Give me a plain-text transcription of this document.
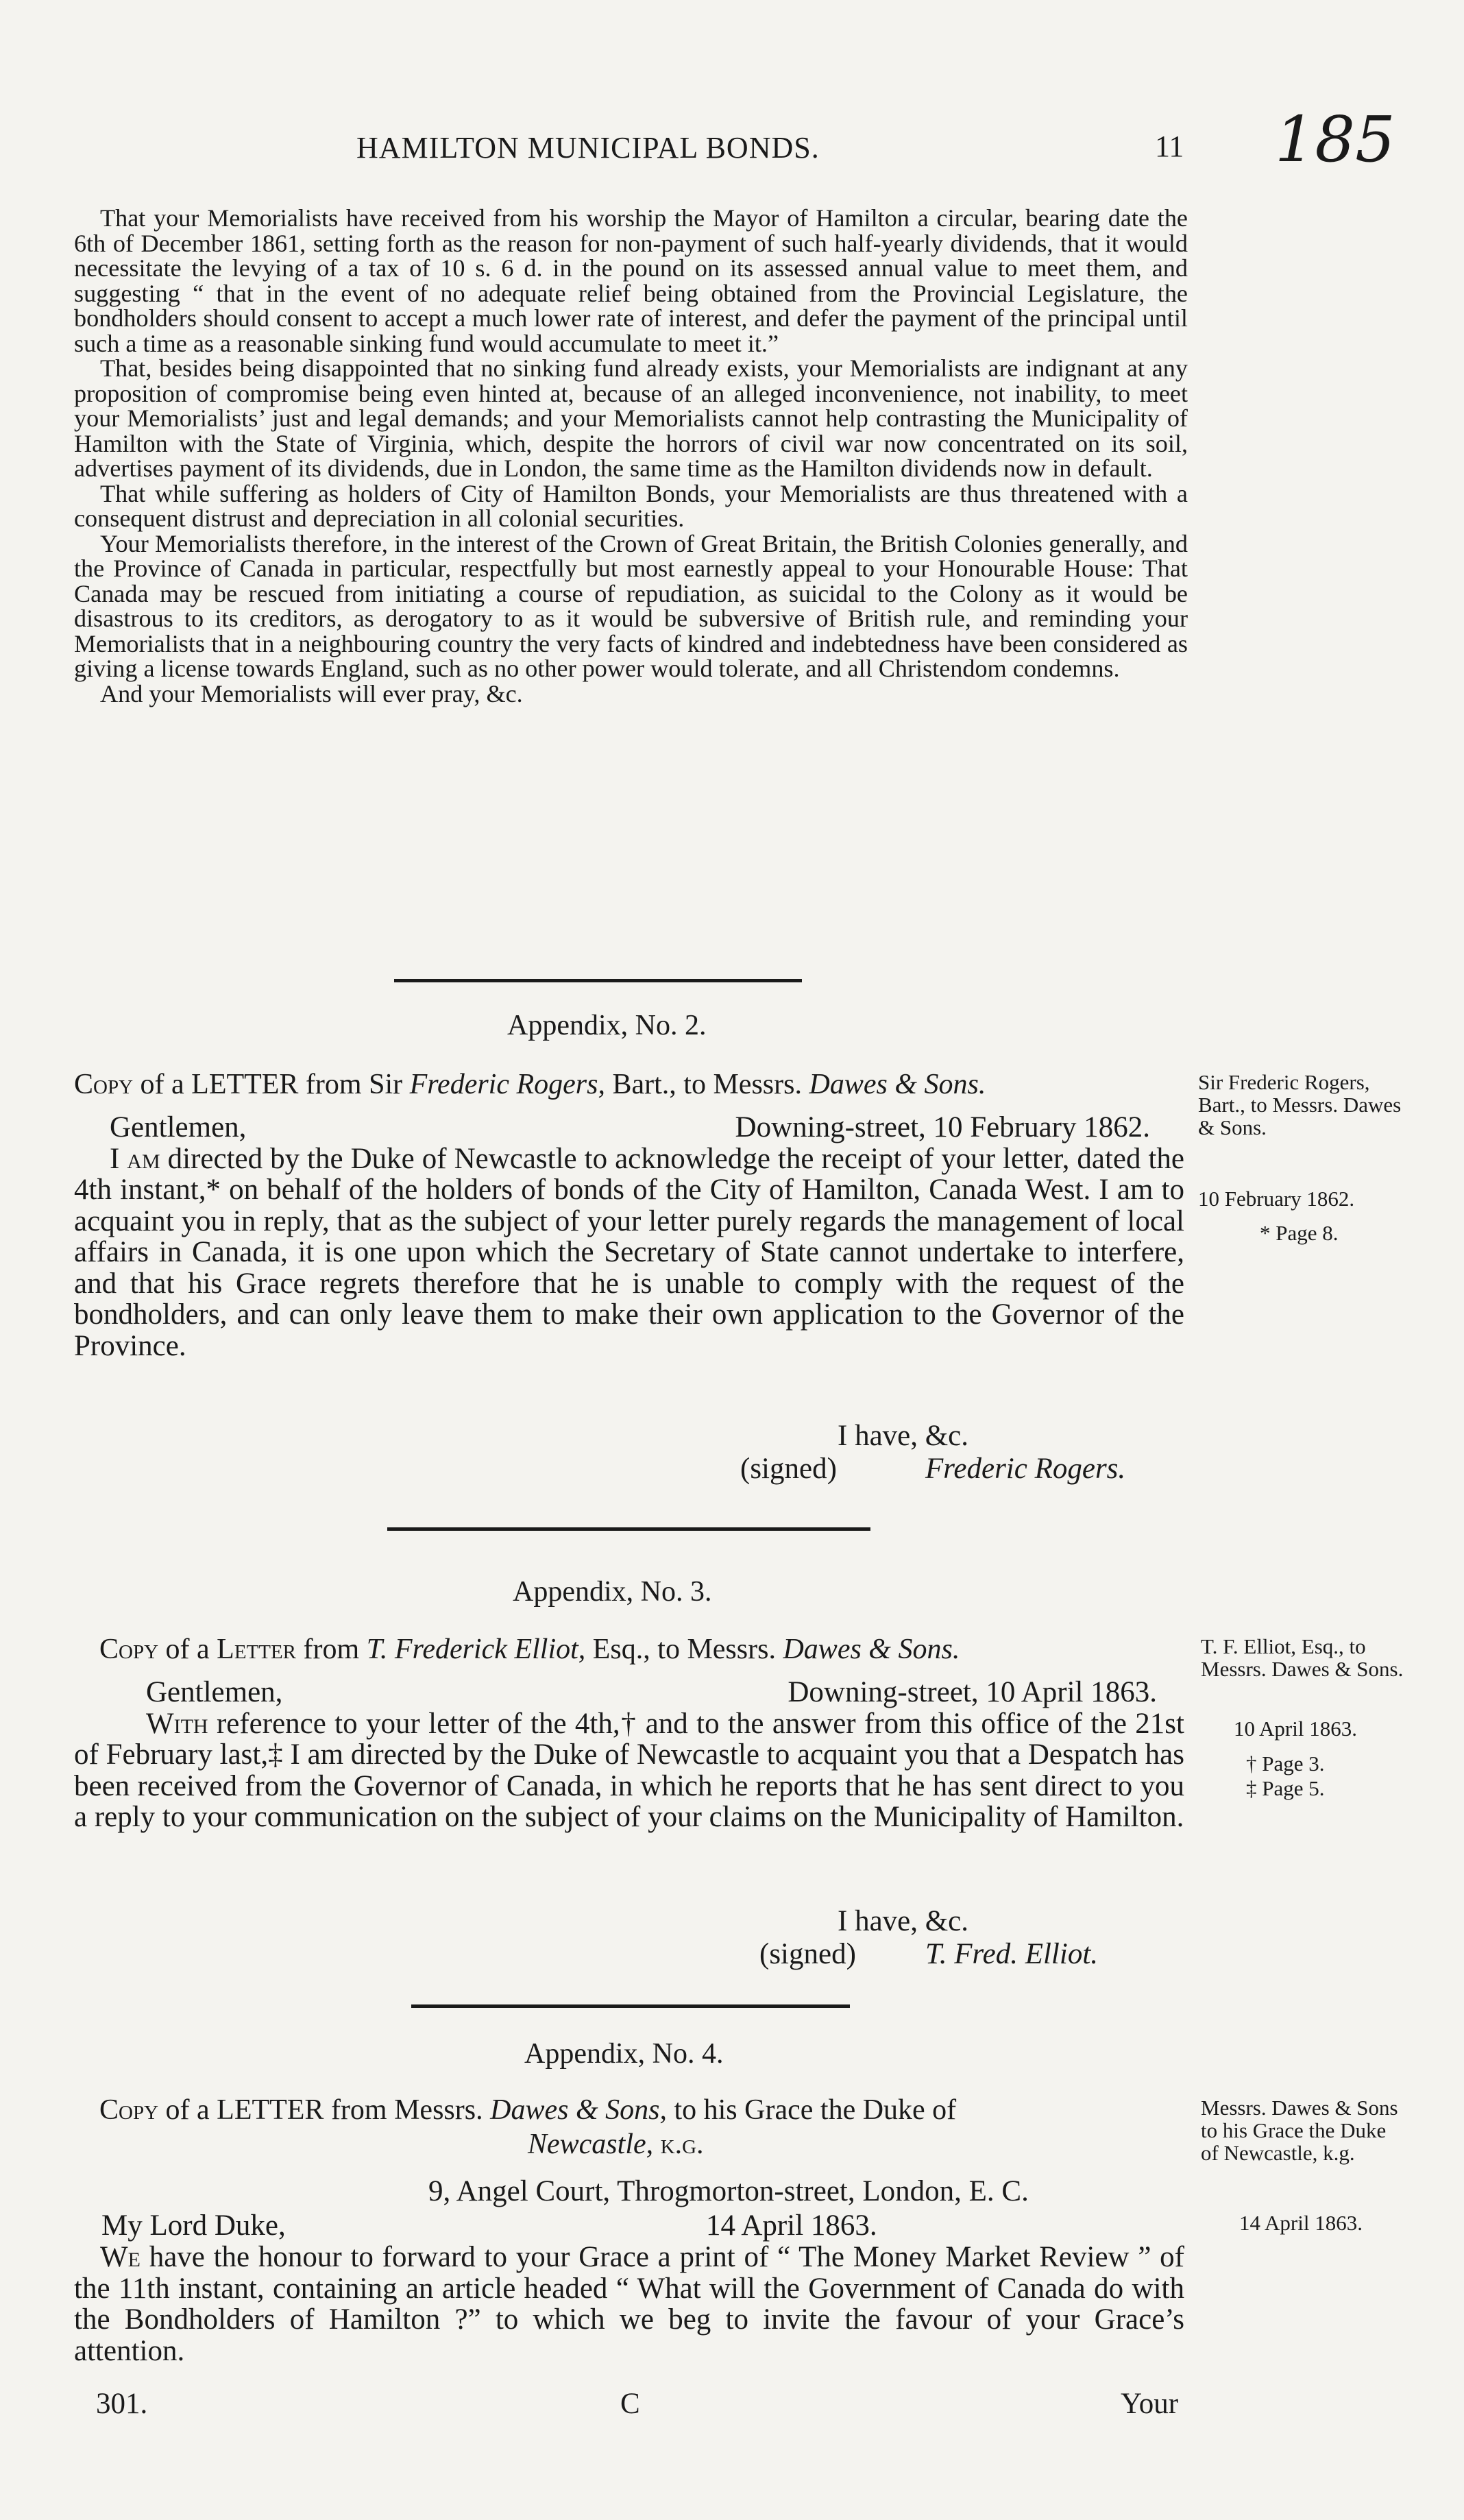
HAMILTON MUNICIPAL BONDS.	11 185

That your Memorialists have received from his worship the Mayor of Hamilton a circular, bearing date the 6th of December 1861, setting forth as the reason for non-payment of such half-yearly dividends, that it would necessitate the levying of a tax of 10 s. 6 d. in the pound on its assessed annual value to meet them, and suggesting “ that in the event of no adequate relief being obtained from the Provincial Legislature, the bondholders should consent to accept a much lower rate of interest, and defer the payment of the principal until such a time as a reasonable sinking fund would accumulate to meet it.”

That, besides being disappointed that no sinking fund already exists, your Memorialists are indignant at any proposition of compromise being even hinted at, because of an alleged inconvenience, not inability, to meet your Memorialists’ just and legal demands; and your Memorialists cannot help contrasting the Municipality of Hamilton with the State of Virginia, which, despite the horrors of civil war now concentrated on its soil, advertises payment of its dividends, due in London, the same time as the Hamilton dividends now in default.

That while suffering as holders of City of Hamilton Bonds, your Memorialists are thus threatened with a consequent distrust and depreciation in all colonial securities.

Your Memorialists therefore, in the interest of the Crown of Great Britain, the British Colonies generally, and the Province of Canada in particular, respectfully but most earnestly appeal to your Honourable House: That Canada may be rescued from initiating a course of repudiation, as suicidal to the Colony as it would be disastrous to its creditors, as derogatory to as it would be subversive of British rule, and reminding your Memorialists that in a neighbouring country the very facts of kindred and indebtedness have been considered as giving a license towards England, such as no other power would tolerate, and all Christendom condemns.

And your Memorialists will ever pray, &c.

Appendix, No. 2.
Copy of a LETTER from Sir Frederic Rogers, Bart., to Messrs. Dawes & Sons.
Gentlemen,	Downing-street, 10 February 1862.

I am directed by the Duke of Newcastle to acknowledge the receipt of your letter, dated the 4th instant,* on behalf of the holders of bonds of the City of Hamilton, Canada West. I am to acquaint you in reply, that as the subject of your letter purely regards the management of local affairs in Canada, it is one upon which the Secretary of State cannot undertake to interfere, and that his Grace regrets therefore that he is unable to comply with the request of the bondholders, and can only leave them to make their own application to the Governor of the Province.

I have, &c.
(signed)	Frederic Rogers.
Sir Frederic Rogers, Bart., to Messrs. Dawes & Sons.
10 February 1862.
* Page 8.
Appendix, No. 3.
Copy of a Letter from T. Frederick Elliot, Esq., to Messrs. Dawes & Sons.
Gentlemen,	Downing-street, 10 April 1863.

With reference to your letter of the 4th,† and to the answer from this office of the 21st of February last,‡ I am directed by the Duke of Newcastle to acquaint you that a Despatch has been received from the Governor of Canada, in which he reports that he has sent direct to you a reply to your communication on the subject of your claims on the Municipality of Hamilton.

I have, &c.
(signed) T. Fred. Elliot.
T. F. Elliot, Esq., to Messrs. Dawes & Sons.
10 April 1863.
† Page 3.
‡ Page 5.
Appendix, No. 4.
Copy of a LETTER from Messrs. Dawes & Sons, to his Grace the Duke of
Newcastle, k.g.
9, Angel Court, Throgmorton-street, London, E. C.
My Lord Duke,	14 April 1863.

We have the honour to forward to your Grace a print of “ The Money Market Review ” of the 11th instant, containing an article headed “ What will the Government of Canada do with the Bondholders of Hamilton ?” to which we beg to invite the favour of your Grace’s attention.

Messrs. Dawes & Sons to his Grace the Duke of Newcastle, k.g.
14 April 1863.
301.	C	Your
